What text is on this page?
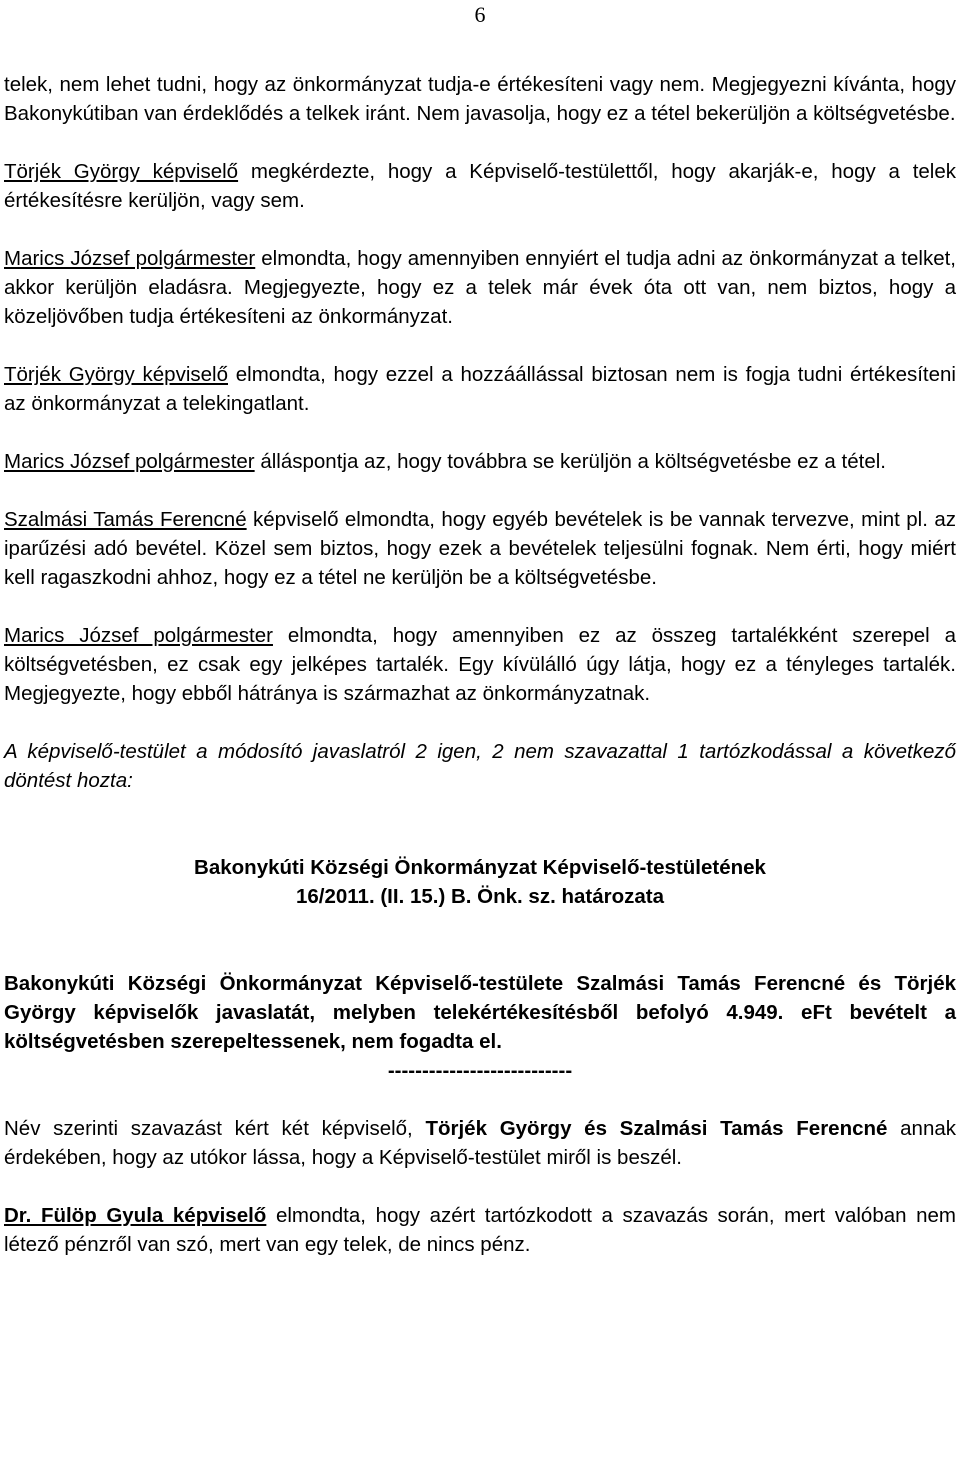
6

telek, nem lehet tudni, hogy az önkormányzat tudja-e értékesíteni vagy nem. Megjegyezni kívánta, hogy Bakonykútiban van érdeklődés a telkek iránt. Nem javasolja, hogy ez a tétel bekerüljön a költségvetésbe.

Törjék György képviselő megkérdezte, hogy a Képviselő-testülettől, hogy akarják-e, hogy a telek értékesítésre kerüljön, vagy sem.

Marics József polgármester elmondta, hogy amennyiben ennyiért el tudja adni az önkormányzat a telket, akkor kerüljön eladásra. Megjegyezte, hogy ez a telek már évek óta ott van, nem biztos, hogy a közeljövőben tudja értékesíteni az önkormányzat.

Törjék György képviselő elmondta, hogy ezzel a hozzáállással biztosan nem is fogja tudni értékesíteni az önkormányzat a telekingatlant.

Marics József polgármester álláspontja az, hogy továbbra se kerüljön a költségvetésbe ez a tétel.

Szalmási Tamás Ferencné képviselő elmondta, hogy egyéb bevételek is be vannak tervezve, mint pl. az iparűzési adó bevétel. Közel sem biztos, hogy ezek a bevételek teljesülni fognak. Nem érti, hogy miért kell ragaszkodni ahhoz, hogy ez a tétel ne kerüljön be a költségvetésbe.

Marics József polgármester elmondta, hogy amennyiben ez az összeg tartalékként szerepel a költségvetésben, ez csak egy jelképes tartalék. Egy kívülálló úgy látja, hogy ez a tényleges tartalék. Megjegyezte, hogy ebből hátránya is származhat az önkormányzatnak.

A képviselő-testület a módosító javaslatról 2 igen, 2 nem szavazattal 1 tartózkodással a következő döntést hozta:

Bakonykúti Községi Önkormányzat Képviselő-testületének
16/2011. (II. 15.) B. Önk. sz. határozata

Bakonykúti Községi Önkormányzat Képviselő-testülete Szalmási Tamás Ferencné és Törjék György képviselők javaslatát, melyben telekértékesítésből befolyó 4.949. eFt bevételt a költségvetésben szerepeltessenek, nem fogadta el.

---------------------------

Név szerinti szavazást kért két képviselő, Törjék György és Szalmási Tamás Ferencné annak érdekében, hogy az utókor lássa, hogy a Képviselő-testület miről is beszél.

Dr. Fülöp Gyula képviselő elmondta, hogy azért tartózkodott a szavazás során, mert valóban nem létező pénzről van szó, mert van egy telek, de nincs pénz.
